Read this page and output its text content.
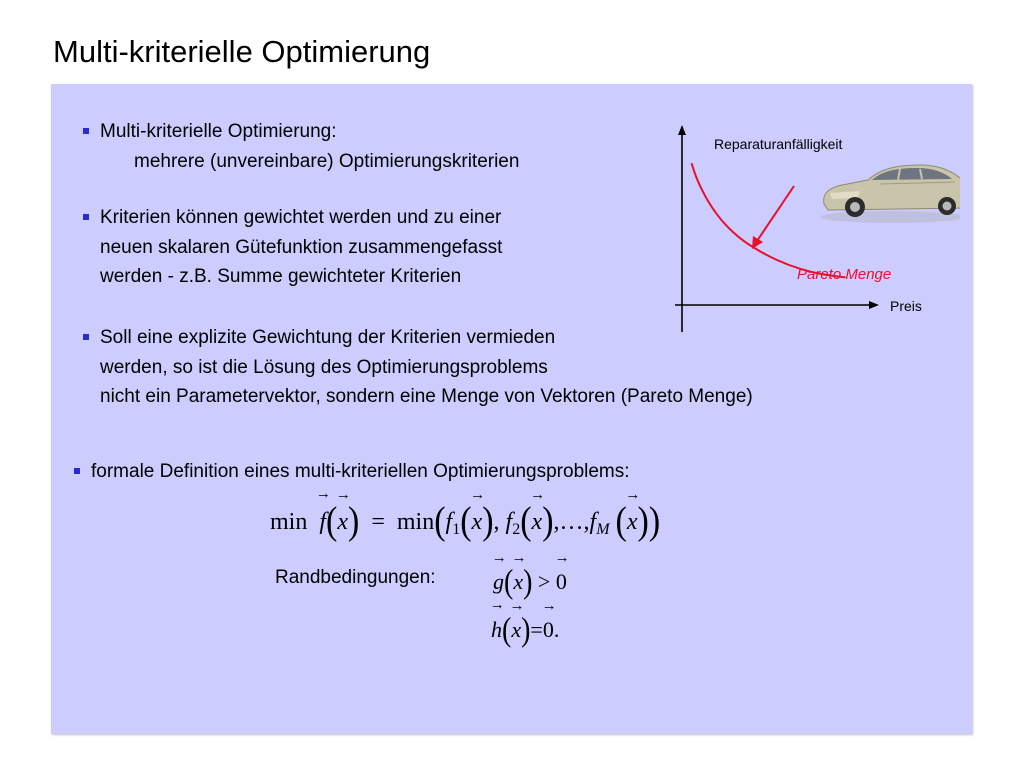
Multi-kriterielle Optimierung
Multi-kriterielle Optimierung:
mehrere (unvereinbare) Optimierungskriterien
Kriterien können gewichtet werden und zu einer
neuen skalaren Gütefunktion zusammengefasst
werden - z.B. Summe gewichteter Kriterien
Soll eine explizite Gewichtung der Kriterien vermieden
werden, so ist die Lösung des Optimierungsproblems
nicht ein Parametervektor, sondern eine Menge von Vektoren (Pareto Menge)
formale Definition eines multi-kriteriellen Optimierungsproblems:
$\min \to f(\to x) = \min(f_1(\to x)$, $f_2(\to$ $x),\dots,f_M$ (→ x))
Randbedingungen:	→ g(→ x) > → 0
→ h(→ x)=→ 0.
Reparaturanfälligkeit
Preis
Pareto Menge
